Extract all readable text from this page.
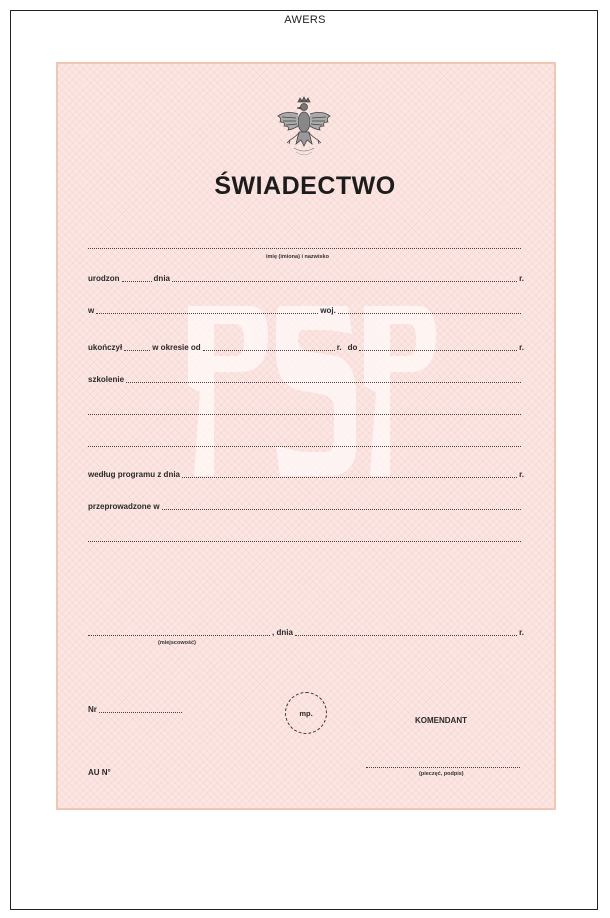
AWERS
ŚWIADECTWO
imię (imiona) i nazwisko
urodzon	dnia	r.
w	woj.
ukończył	w okresie od	r. do	r.
szkolenie
według programu z dnia	r.
przeprowadzone w
, dnia	r.
(miejscowość)
Nr	mp.
KOMENDANT
(pieczęć, podpis)
AU N°
